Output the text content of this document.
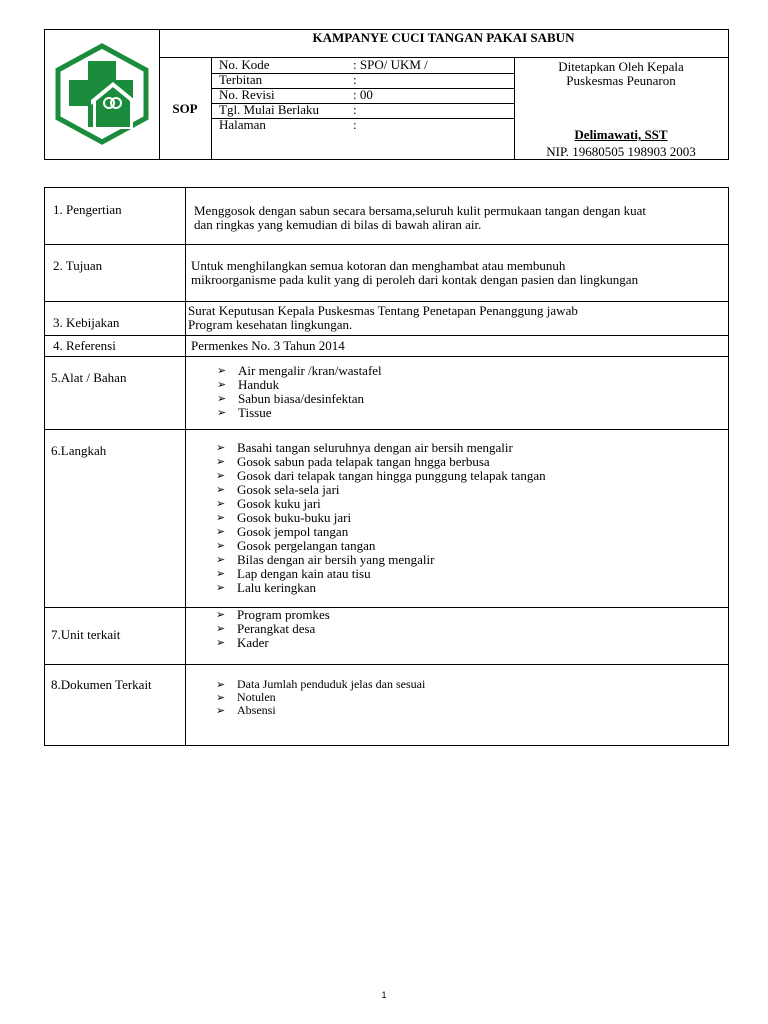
KAMPANYE CUCI TANGAN PAKAI SABUN
SOP
No. Kode	: SPO/ UKM /
Terbitan	:
No. Revisi	: 00
Tgl. Mulai Berlaku	:
Halaman	:
Ditetapkan Oleh Kepala
Puskesmas Peunaron
Delimawati, SST
NIP. 19680505 198903 2003
1. Pengertian	Menggosok dengan sabun secara bersama,seluruh kulit permukaan tangan dengan kuat
dan ringkas yang kemudian di bilas di bawah aliran air.
2. Tujuan	Untuk menghilangkan semua kotoran dan menghambat atau membunuh
mikroorganisme pada kulit yang di peroleh dari kontak dengan pasien dan lingkungan
3. Kebijakan
Surat Keputusan Kepala Puskesmas Tentang Penetapan Penanggung jawab
Program kesehatan lingkungan.
4. Referensi	Permenkes No. 3 Tahun 2014
5.Alat / Bahan	➢ Air mengalir /kran/wastafel
➢ Handuk
➢ Sabun biasa/desinfektan
➢ Tissue
6.Langkah	➢ Basahi tangan seluruhnya dengan air bersih mengalir
➢ Gosok sabun pada telapak tangan hngga berbusa
➢ Gosok dari telapak tangan hingga punggung telapak tangan
➢ Gosok sela-sela jari
➢ Gosok kuku jari
➢ Gosok buku-buku jari
➢ Gosok jempol tangan
➢ Gosok pergelangan tangan
➢ Bilas dengan air bersih yang mengalir
➢ Lap dengan kain atau tisu
➢ Lalu keringkan
7.Unit terkait
➢ Program promkes
➢ Perangkat desa
➢ Kader
8.Dokumen Terkait	➢ Data Jumlah penduduk jelas dan sesuai
➢ Notulen
➢ Absensi
1
